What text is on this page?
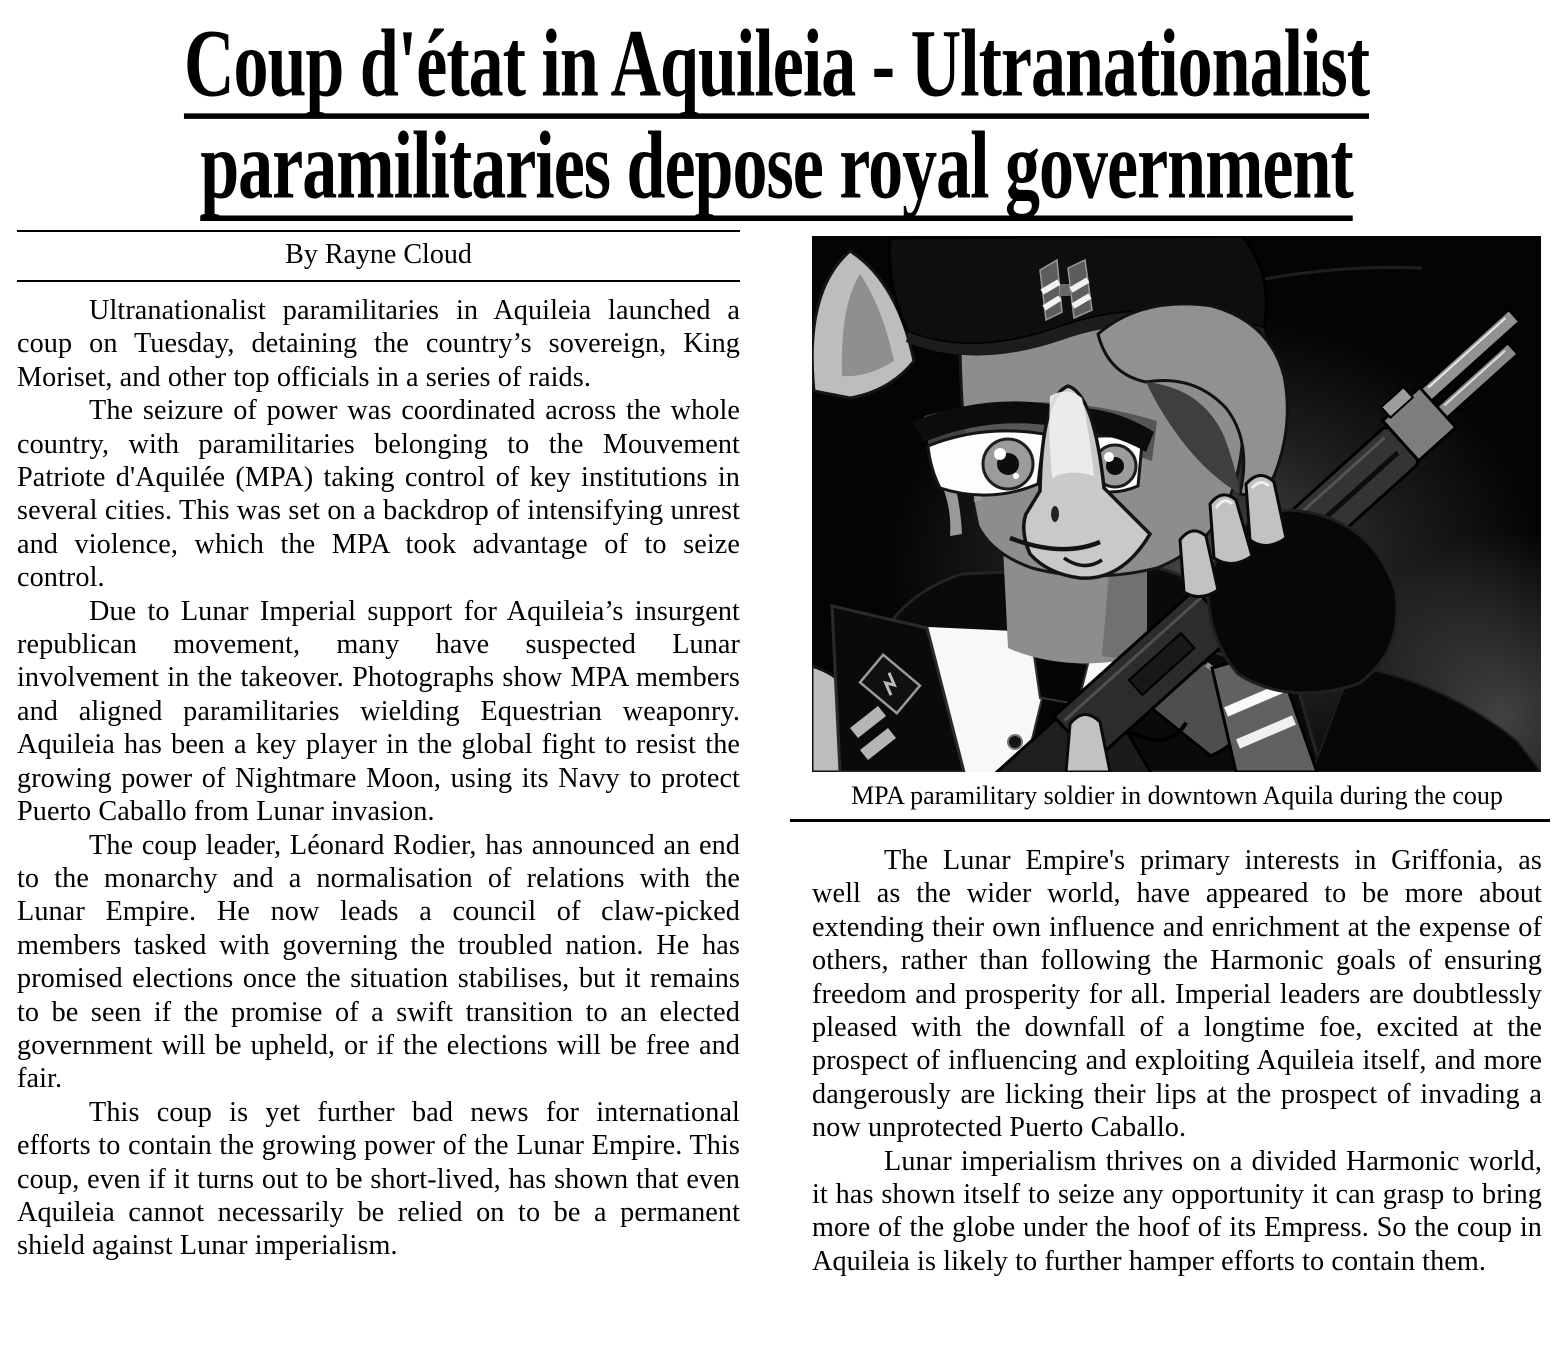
Coup d'état in Aquileia - Ultranationalist
paramilitaries depose royal government
By Rayne Cloud

Ultranationalist paramilitaries in Aquileia launched a coup on Tuesday, detaining the country’s sovereign, King Moriset, and other top officials in a series of raids.

The seizure of power was coordinated across the whole country, with paramilitaries belonging to the Mouvement Patriote d'Aquilée (MPA) taking control of key institutions in several cities. This was set on a backdrop of intensifying unrest and violence, which the MPA took advantage of to seize control.

Due to Lunar Imperial support for Aquileia’s insurgent republican movement, many have suspected Lunar involvement in the takeover. Photographs show MPA members and aligned paramilitaries wielding Equestrian weaponry. Aquileia has been a key player in the global fight to resist the growing power of Nightmare Moon, using its Navy to protect Puerto Caballo from Lunar invasion.

The coup leader, Léonard Rodier, has announced an end to the monarchy and a normalisation of relations with the Lunar Empire. He now leads a council of claw-picked members tasked with governing the troubled nation. He has promised elections once the situation stabilises, but it remains to be seen if the promise of a swift transition to an elected government will be upheld, or if the elections will be free and fair.

This coup is yet further bad news for international efforts to contain the growing power of the Lunar Empire. This coup, even if it turns out to be short-lived, has shown that even Aquileia cannot necessarily be relied on to be a permanent shield against Lunar imperialism.

MPA paramilitary soldier in downtown Aquila during the coup

The Lunar Empire's primary interests in Griffonia, as well as the wider world, have appeared to be more about extending their own influence and enrichment at the expense of others, rather than following the Harmonic goals of ensuring freedom and prosperity for all. Imperial leaders are doubtlessly pleased with the downfall of a longtime foe, excited at the prospect of influencing and exploiting Aquileia itself, and more dangerously are licking their lips at the prospect of invading a now unprotected Puerto Caballo.

Lunar imperialism thrives on a divided Harmonic world, it has shown itself to seize any opportunity it can grasp to bring more of the globe under the hoof of its Empress. So the coup in Aquileia is likely to further hamper efforts to contain them.
